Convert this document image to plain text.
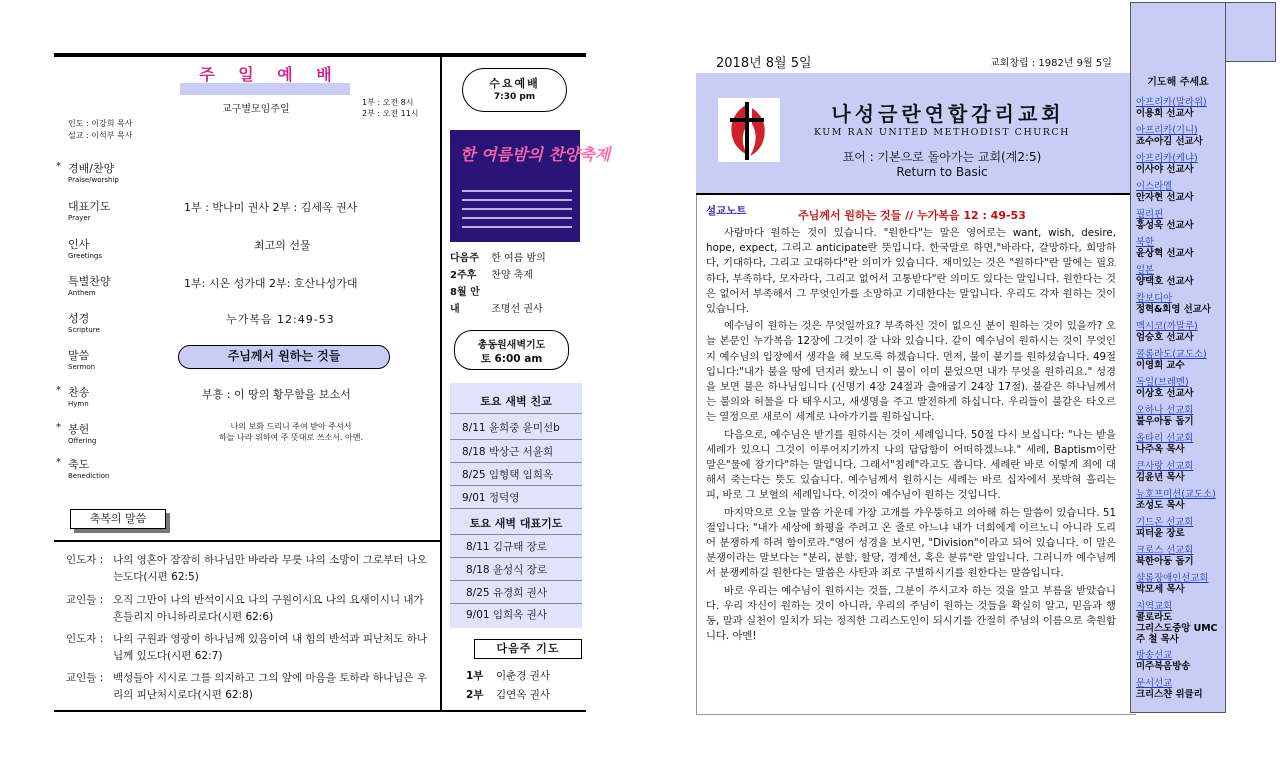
주 일 예 배
교구별모임주일
1부 : 오전 8시
2부 : 오전 11시
인도 : 이강희 목사
설교 : 이석부 목사
* 경배/찬양
Praise/worship
대표기도
Prayer
1부 : 박나미 권사 2부 : 김세옥 권사
인사
Greetings
최고의 선물
특별찬양
Anthem
1부: 시온 성가대 2부: 호산나성가대
성경
Scripture
누가복음 12:49-53
말씀
Sermon
주님께서 원하는 것들
* 찬송
Hymn
부흥 : 이 땅의 황무함을 보소서
* 봉헌
Offering
나의 보화 드리니 주여 받아 주셔서
하늘 나라 위하여 주 뜻대로 쓰소서. 아멘.
* 축도
Benediction
축복의 말씀
인도자 : 나의 영혼아 잠잠히 하나님만 바라라 무릇 나의 소망이 그로부터 나오는도다(시편 62:5)
교인들 : 오직 그만이 나의 반석이시요 나의 구원이시요 나의 요새이시니 내가 흔들리지 아니하리로다(시편 62:6)
인도자 : 나의 구원과 영광이 하나님께 있음이여 내 힘의 반석과 피난처도 하나님께 있도다(시편 62:7)
교인들 : 백성들아 시시로 그를 의지하고 그의 앞에 마음을 토하라 하나님은 우리의 피난처시로다(시편 62:8)
수요예배
7:30 pm
한 여름밤의 찬양축제
다음주 한 여름 밤의
2주후 찬양 축제
8월 안내	조명선 권사
총동원새벽기도
토 6:00 am
토요 새벽 친교
8/11 윤희중 윤미선b
8/18 박상근 서윤희
8/25 임형택 임희옥
9/01 정덕영
토요 새벽 대표기도
8/11 김규태 장로
8/18 윤성식 장로
8/25 유경희 권사
9/01 임희옥 권사
다음주 기도
1부 이춘경 권사
2부 김연옥 권사
2018년 8월 5일	교회창립 : 1982년 9월 5일
나성금란연합감리교회
KUM RAN UNITED METHODIST CHURCH
표어 : 기본으로 돌아가는 교회(계2:5)
Return to Basic
설교노트	주님께서 원하는 것들 // 누가복음 12 : 49-53

사람마다 원하는 것이 있습니다. "원한다"는 말은 영어로는 want, wish, desire, hope, expect, 그리고 anticipate란 뜻입니다. 한국말로 하면,"바라다, 갈망하다, 희망하다, 기대하다, 그리고 고대하다"란 의미가 있습니다. 재미있는 것은 "원하다"란 말에는 필요하다, 부족하다, 모자라다, 그리고 없어서 고통받다"란 의미도 있다는 말입니다. 원한다는 것은 없어서 부족해서 그 무엇인가를 소망하고 기대한다는 말입니다. 우리도 각자 원하는 것이 있습니다.

예수님이 원하는 것은 무엇일까요? 부족하신 것이 없으신 분이 원하는 것이 있을까? 오늘 본문인 누가복음 12장에 그것이 잘 나와 있습니다. 같이 예수님이 원하시는 것이 무엇인지 예수님의 입장에서 생각을 해 보도록 하겠습니다. 먼저, 불이 붙기를 원하셨습니다. 49절입니다:"내가 불을 땅에 던지러 왔노니 이 불이 이미 붙었으면 내가 무엇을 원하리요." 성경을 보면 불은 하나님입니다 (신명기 4장 24절과 출애굽기 24장 17절). 불같은 하나님께서는 불의와 허물을 다 태우시고, 새생명을 주고 발전하게 하십니다. 우리들이 불같은 타오르는 열정으로 새로이 세계로 나아가기를 원하십니다.

다음으로, 예수님은 받기를 원하시는 것이 세례입니다. 50절 다시 보십니다: "나는 받을 세례가 있으니 그것이 이루어지기까지 나의 답답함이 어떠하겠느냐." 세례, Baptism이란 말은"물에 잠기다"하는 말입니다. 그래서"침례"라고도 씁니다. 세례란 바로 이렇게 죄에 대해서 죽는다는 뜻도 있습니다. 예수님께서 원하시는 세례는 바로 십자에서 못박혀 흘리는 피, 바로 그 보혈의 세례입니다. 이것이 예수님이 원하는 것입니다.

마지막으로 오늘 말씀 가운데 가장 고개를 갸우뚱하고 의아해 하는 말씀이 있습니다. 51절입니다: "내가 세상에 화평을 주려고 온 줄로 아느냐 내가 너희에게 이르노니 아니라 도리어 분쟁하게 하려 함이로라."영어 성경을 보시면, "Division"이라고 되어 있습니다. 이 말은 분쟁이라는 말보다는 "분리, 분할, 할당, 경계선, 혹은 분류"란 말입니다. 그러니까 예수님께서 분쟁케하길 원한다는 말씀은 사탄과 죄로 구별하시기를 원한다는 말씀입니다.

바로 우리는 예수님이 원하시는 것들, 그분이 주시고자 하는 것을 알고 부름을 받았습니다. 우리 자신이 원하는 것이 아니라, 우리의 주님이 원하는 것들을 확실히 알고, 믿음과 행동, 말과 실천이 일치가 되는 정직한 그리스도인이 되시기를 간절히 주님의 이름으로 축원합니다. 아멘!

기도해 주세요
아프리카(말라위)
이용희 선교사
아프리카(기니)
죠수아김 선교사
아프리카(케냐)
이사야 선교사
이스라엘
안자현 선교사
필리핀
홍성욱 선교사
북한
윤상혁 선교사
일본
양택호 선교사
캄보디아
정혁&희영 선교사
멕시코(까말루)
엄승호 선교사
콜롬라도(교도소)
이영희 교수
독일(브레멘)
이상호 선교사
오하나 선교회
불우아동 돕기
올타리 선교회
나주옥 목사
큰사랑 선교회
김윤년 목사
뉴호프미션(교도소)
조성도 목사
기드온 선교회
피터윤 장로
크로스 선교회
북한아동 돕기
샬롬장애인선교회
박모세 목사
지역교회
콜로라도
그리스도중앙 UMC
주 철 목사
방송선교
미주복음방송
문서선교
크리스챤 위클리
